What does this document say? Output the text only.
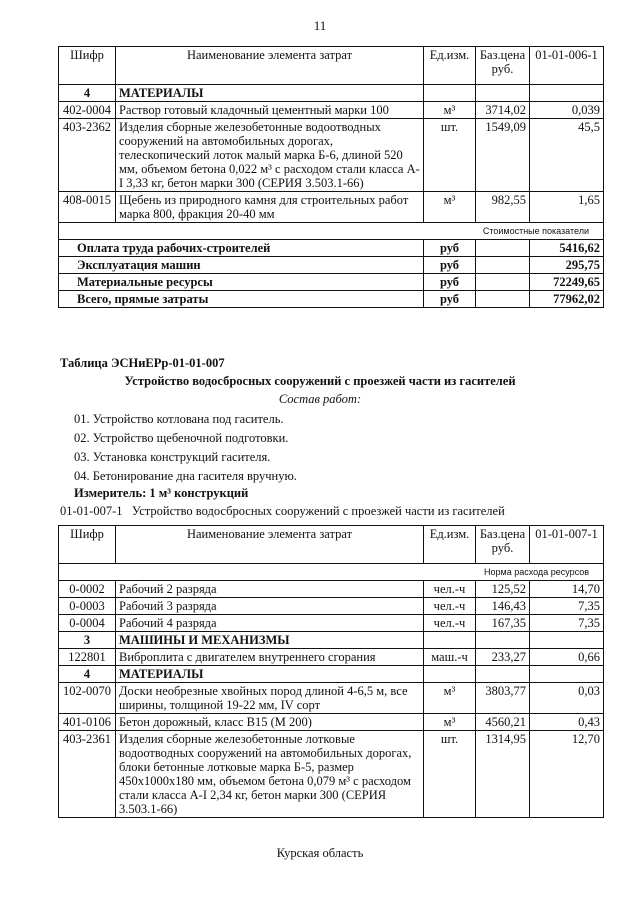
11
Шифр	Наименование элемента затрат	Ед.изм.	Баз.цена руб.	01-01-006-1
4	МАТЕРИАЛЫ			
402-0004	Раствор готовый кладочный цементный марки 100	м³	3714,02	0,039
403-2362	Изделия сборные железобетонные водоотводных сооружений на автомобильных дорогах, телескопический лоток малый марка Б-6, длиной 520 мм, объемом бетона 0,022 м³ с расходом стали класса А-I 3,33 кг, бетон марки 300 (СЕРИЯ 3.503.1-66)	шт.	1549,09	45,5
408-0015	Щебень из природного камня для строительных работ марка 800, фракция 20-40 мм	м³	982,55	1,65
Стоимостные показатели				
Оплата труда рабочих-строителей		руб		5416,62
Эксплуатация машин		руб		295,75
Материальные ресурсы		руб		72249,65
Всего, прямые затраты		руб		77962,02
Таблица ЭСНиЕРр-01-01-007
Устройство водосбросных сооружений с проезжей части из гасителей
Состав работ:
01. Устройство котлована под гаситель.
02. Устройство щебеночной подготовки.
03. Установка конструкций гасителя.
04. Бетонирование дна гасителя вручную.
Измеритель: 1 м³ конструкций
01-01-007-1   Устройство водосбросных сооружений с проезжей части из гасителей
Шифр	Наименование элемента затрат	Ед.изм.	Баз.цена руб.	01-01-007-1
Норма расхода ресурсов				
0-0002	Рабочий 2 разряда	чел.-ч	125,52	14,70
0-0003	Рабочий 3 разряда	чел.-ч	146,43	7,35
0-0004	Рабочий 4 разряда	чел.-ч	167,35	7,35
3	МАШИНЫ И МЕХАНИЗМЫ			
122801	Виброплита с двигателем внутреннего сгорания	маш.-ч	233,27	0,66
4	МАТЕРИАЛЫ			
102-0070	Доски необрезные хвойных пород длиной 4-6,5 м, все ширины, толщиной 19-22 мм, IV сорт	м³	3803,77	0,03
401-0106	Бетон дорожный, класс В15 (М 200)	м³	4560,21	0,43
403-2361	Изделия сборные железобетонные лотковые водоотводных сооружений на автомобильных дорогах, блоки бетонные лотковые марка Б-5, размер 450x1000x180 мм, объемом бетона 0,079 м³ с расходом стали класса А-I 2,34 кг, бетон марки 300 (СЕРИЯ 3.503.1-66)	шт.	1314,95	12,70
Курская область
